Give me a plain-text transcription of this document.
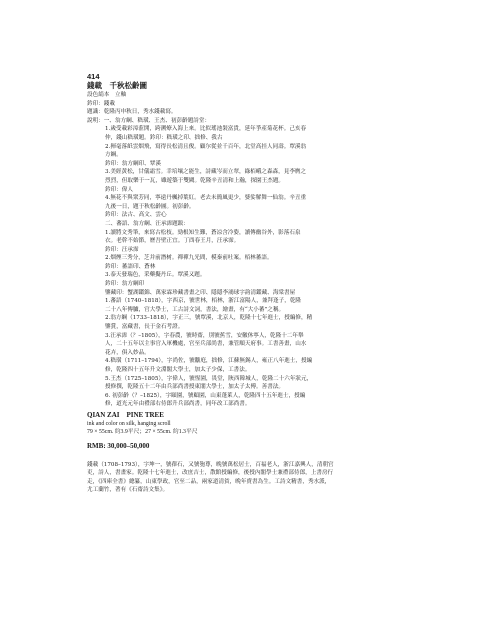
414
錢載　千秋松齡圖
設色絹本　立軸
鈐印：錢載
題識：乾隆丙申秋日，秀水錢載寫。
說明：一、翁方綱、嵇璜、王杰、初彭齡題詩堂：
1.歲受載彩漳蒞開，跨溯燎入海上來。比似瑤池裝富貴，延年爭產菊花杯。己亥春
仲，錢山嵇璜題。鈐印：嵇璜之印、拙修、我古
2.揮毫落紙雲烟飛，寫得長松清且俊。顧尔從並千百年，北堂高挂人同壽。覃溪翁
方綱。
鈐印：翁方綱印、覃溪
3.美經黃松，甘儀霜雪。幸培壤之能生，詩藏岑而立翠，綠栢峨之森森，見李膺之
烈烈，但取樂于一瓦，雖遊築于雙闕。乾隆辛丑清和上瀚，探園王杰題。
鈐印：偉人
4.無花不與衆芳同，寧遠丹楓掉葉紅。老去未簡風更少，婆娑解舞一仙翁。辛丑重
九後一日，題于秋松齡圖。初彭齡。
鈐印：法古、高文、雲心
二、蕃語、翁方綱、汪承霈題跋：
1.讀將文秀筆，來寫古松枝。勁根知生難，蒼凉含冷姿，讀傳幽谷外，影落石泉
衣。老幹不始節，歷吾壁正宜。丁酉春王月，汪承霈。
鈐印：汪承霈
2.烟煙三秀分，芝并前潛树。禪禪九光間，模秦前吐案。栢林蕃語。
鈐印：蕃語印、蒼林
3.泰天發瑞色，采藥擬丹丘。覃溪又題。
鈐印：翁方綱印
鑒藏印：蟹湖鑑錦、萬家霖珍藏書畫之印、隱隱李鴻球字韵清鑑藏、海棠書屋
1.蕃語（1740–1818），字西京，號世林，栢林，浙江富陽人，兼拜逢子，乾隆
二十八年傳臚，官大學士，工古詩文詞，書法，繪畫，有“大小蕃”之稱。
2.翁方綱（1733–1818），字正三，號覃溪，北京人，乾隆十七年進士，授編修，精
鑒賞，富藏書，長于金石考證。
3.汪承霈（？–1805），字春農，號時齋，別號蕉雪，安徽休寧人，乾隆十二年舉
人，二十五年以主事官入軍機處，官至兵部尚書，兼管順天府事。工書善畫，山水
花卉，俱入妙品。
4.嵇璜（1711–1794），字尚佐，號黻庭，拙修，江蘇無錫人，雍正八年進士，授編
修，乾隆四十五年升文淵閣大學士，加太子少保，工書法。
5.王杰（1725–1805），字偉人，號惺園，畏堂，陝西韓城人，乾隆二十六年狀元，
授修撰，乾隆五十二年由兵部尚書授東閣大學士，加太子太傅。善書法。
6. 初彭齡（？–1825），字頤園，號頤園，山東蓬萊人，乾隆四十五年進士，授編
修，道光元年由禮部右侍郎升兵部尚書，同年改工部尚書。
QIAN ZAI　PINE TREE
ink and color on silk, hanging scroll
79 × 55cm. 約3.9平尺；27 × 55cm. 約1.3平尺
RMB: 30,000–50,000
錢載（1708–1793），字坤一，號蘀石，又號匏尊，晚號萬松居士，百福老人，浙江嘉興人，清朝官
吏，詩人，書畫家。乾隆十七年進士，改庶吉士，散館授編修，後授內閣學士兼禮部侍郎，上書房行
走，《四庫全書》總纂，山東學政，官至二品，兩家道清貧，晚年賣書為生。工詩文精書，秀水派，
尤工蘭竹，著有《石齋詩文集》。
